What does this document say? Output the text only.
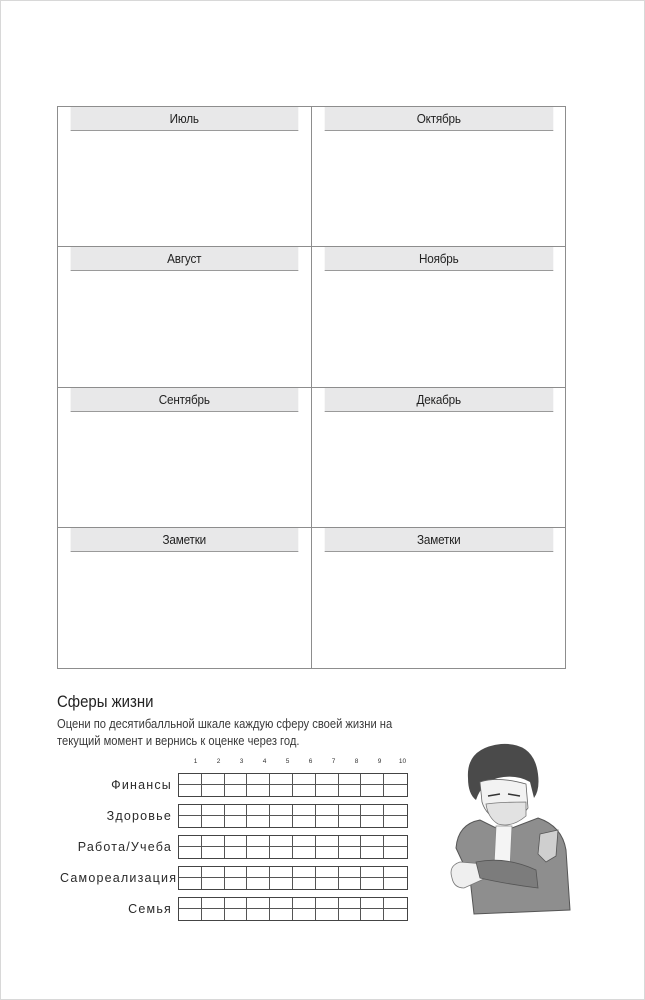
Июль	Октябрь
Август	Ноябрь
Сентябрь	Декабрь
Заметки	Заметки
Сферы жизни
Оцени по десятибалльной шкале каждую сферу своей жизни на текущий момент и вернись к оценке через год.
1	2	3	4	5	6	7	8	9	10
Финансы
Здоровье
Работа/Учеба
Самореализация
Семья
